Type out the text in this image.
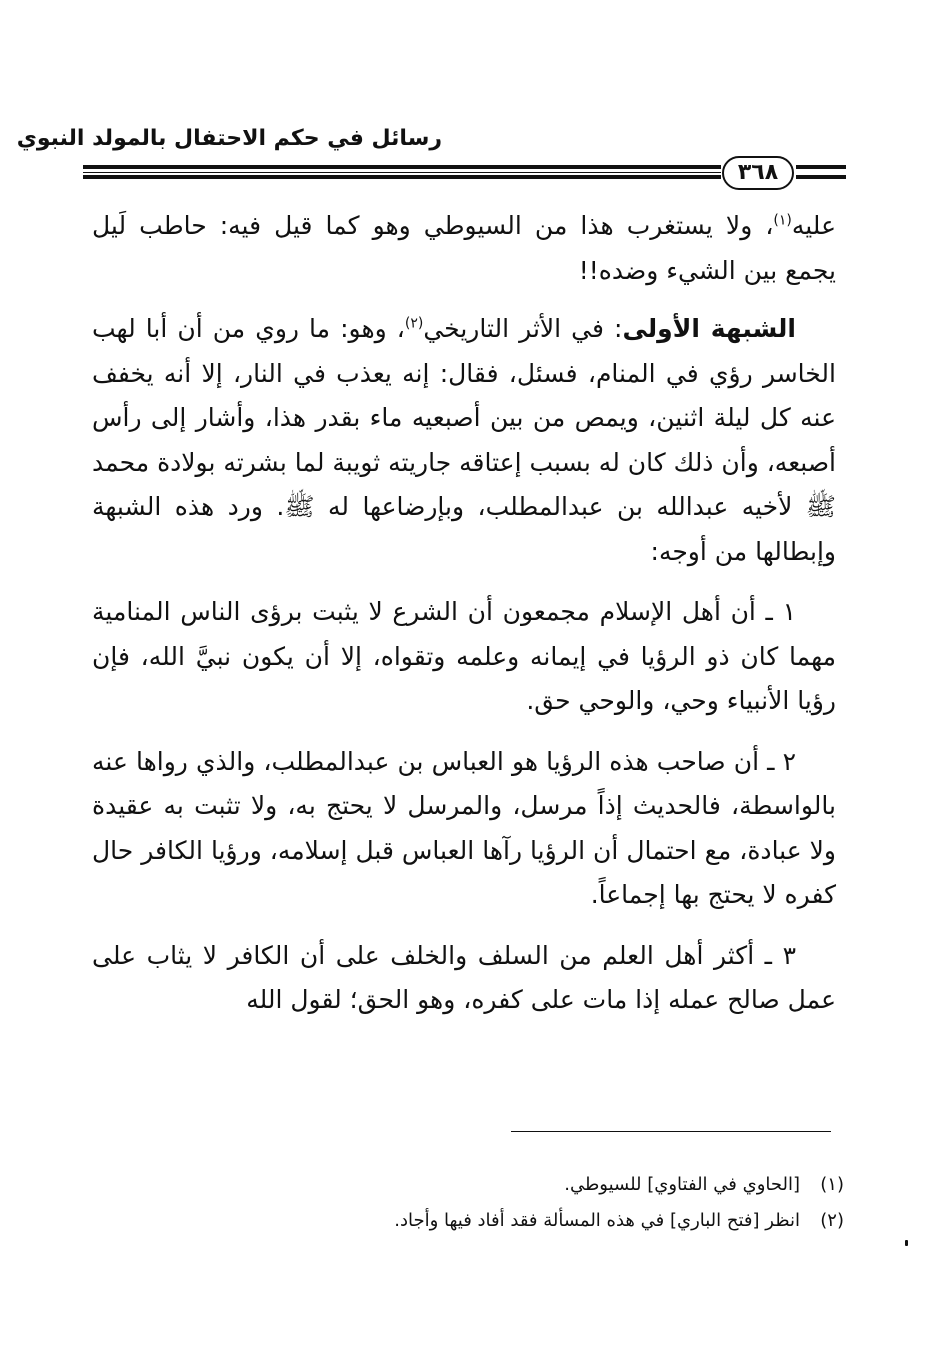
رسائل في حكم الاحتفال بالمولد النبوي
٣٦٨

عليه$^{(١)}$، ولا يستغرب هذا من السيوطي وهو كما قيل فيه: حاطب لَيل يجمع بين الشيء وضده!!

الشبهة الأولى: في الأثر التاريخي$^{(٢)}$، وهو: ما روي من أن أبا لهب الخاسر رؤي في المنام، فسئل، فقال: إنه يعذب في النار، إلا أنه يخفف عنه كل ليلة اثنين، ويمص من بين أصبعيه ماء بقدر هذا، وأشار إلى رأس أصبعه، وأن ذلك كان له بسبب إعتاقه جاريته ثويبة لما بشرته بولادة محمد ﷺ لأخيه عبدالله بن عبدالمطلب، وبإرضاعها له ﷺ. ورد هذه الشبهة وإبطالها من أوجه:

١ ـ أن أهل الإسلام مجمعون أن الشرع لا يثبت برؤى الناس المنامية مهما كان ذو الرؤيا في إيمانه وعلمه وتقواه، إلا أن يكون نبيَّ الله، فإن رؤيا الأنبياء وحي، والوحي حق.

٢ ـ أن صاحب هذه الرؤيا هو العباس بن عبدالمطلب، والذي رواها عنه بالواسطة، فالحديث إذاً مرسل، والمرسل لا يحتج به، ولا تثبت به عقيدة ولا عبادة، مع احتمال أن الرؤيا رآها العباس قبل إسلامه، ورؤيا الكافر حال كفره لا يحتج بها إجماعاً.

٣ ـ أكثر أهل العلم من السلف والخلف على أن الكافر لا يثاب على عمل صالح عمله إذا مات على كفره، وهو الحق؛ لقول الله

(١)[الحاوي في الفتاوي] للسيوطي.
(٢)انظر [فتح الباري] في هذه المسألة فقد أفاد فيها وأجاد.
